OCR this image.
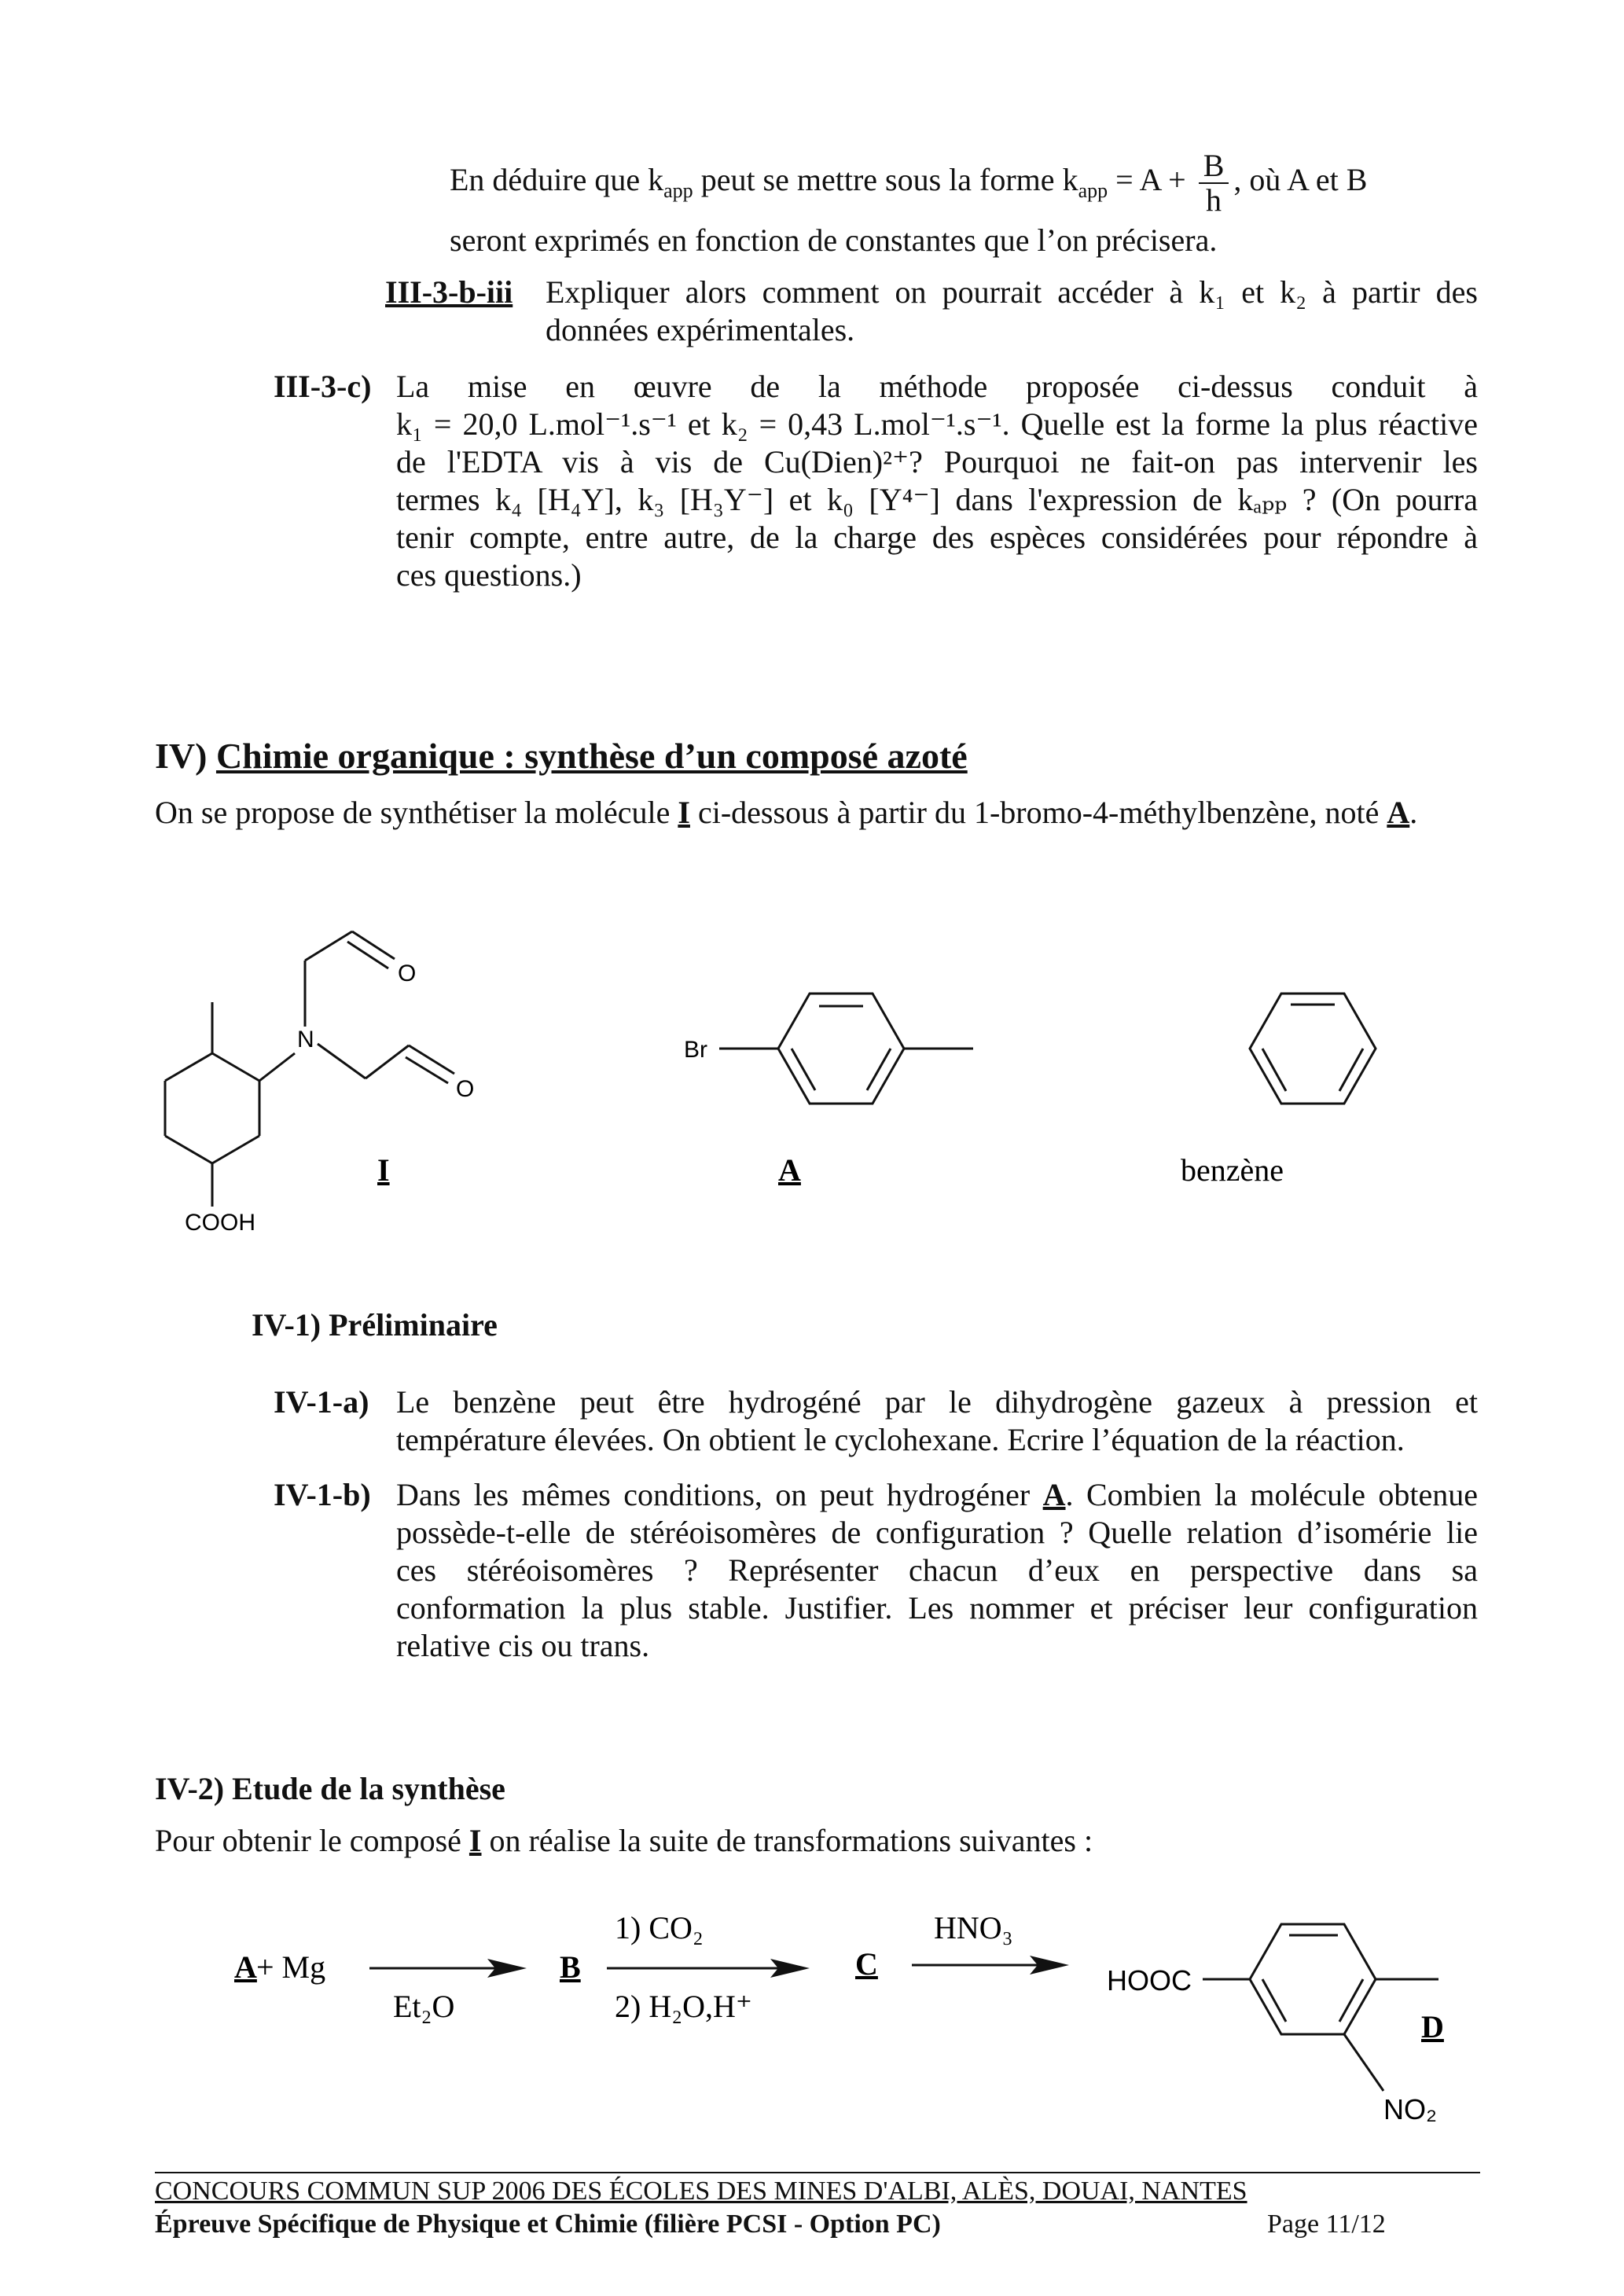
En déduire que $k_{app}$ peut se mettre sous la forme $k_{app} = A + \frac{B}{h}$ , où A et B
seront exprimés en fonction de constantes que l’on précisera.
III-3-b-iii Expliquer alors comment on pourrait accéder à k₁ et k₂ à partir des
données expérimentales.
III-3-c) La mise en œuvre de la méthode proposée ci-dessus conduit à
k₁ = 20,0 L.mol⁻¹.s⁻¹ et k₂ = 0,43 L.mol⁻¹.s⁻¹. Quelle est la forme la plus réactive
de l'EDTA vis à vis de Cu(Dien)²⁺? Pourquoi ne fait-on pas intervenir les
termes k₄ [H₄Y], k₃ [H₃Y⁻] et k₀ [Y⁴⁻] dans l'expression de kₐₚₚ ? (On pourra
tenir compte, entre autre, de la charge des espèces considérées pour répondre à
ces questions.)
IV) Chimie organique : synthèse d’un composé azoté
On se propose de synthétiser la molécule I ci-dessous à partir du 1-bromo-4-méthylbenzène, noté A.
N
O
O
COOH
I
Br
A	benzène
IV-1) Préliminaire
IV-1-a) Le benzène peut être hydrogéné par le dihydrogène gazeux à pression et
température élevées. On obtient le cyclohexane. Ecrire l’équation de la réaction.
IV-1-b) Dans les mêmes conditions, on peut hydrogéner A. Combien la molécule obtenue
possède-t-elle de stéréoisomères de configuration ? Quelle relation d’isomérie lie
ces stéréoisomères ? Représenter chacun d’eux en perspective dans sa
conformation la plus stable. Justifier. Les nommer et préciser leur configuration
relative cis ou trans.
IV-2) Etude de la synthèse
Pour obtenir le composé I on réalise la suite de transformations suivantes :
A + Mg
Et₂O
B
1) CO₂
2) H₂O,H⁺
C
HNO₃
HOOC
D
NO₂
CONCOURS COMMUN SUP 2006 DES ÉCOLES DES MINES D'ALBI, ALÈS, DOUAI, NANTES
Épreuve Spécifique de Physique et Chimie (filière PCSI - Option PC)	Page 11/12
